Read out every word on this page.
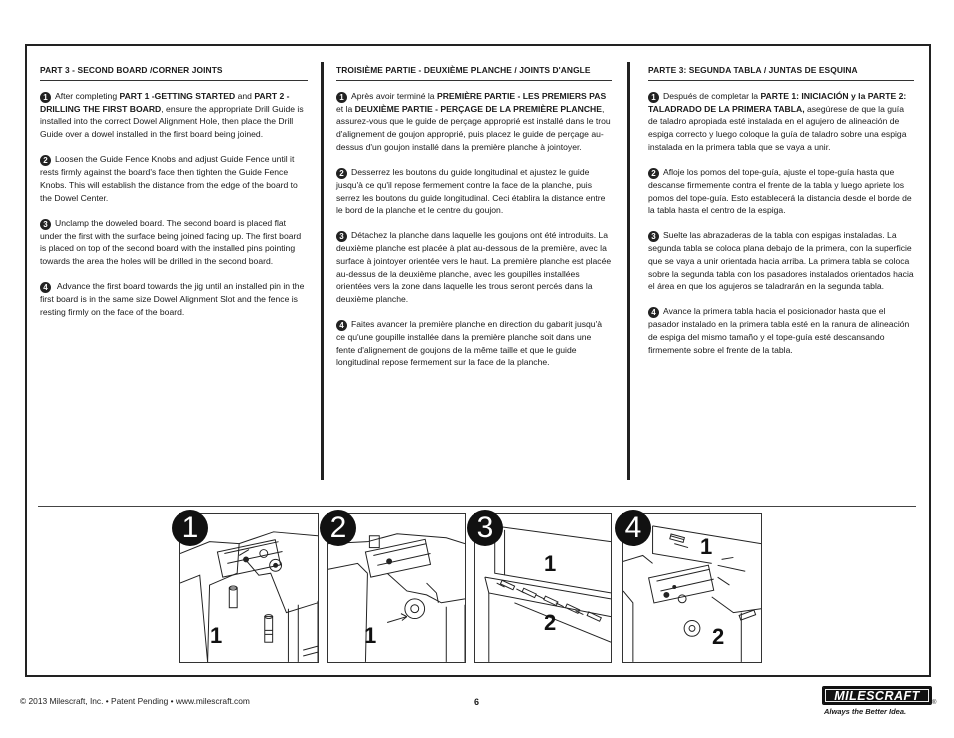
PART 3 - SECOND BOARD /CORNER JOINTS

1 After completing PART 1 -GETTING STARTED and PART 2 - DRILLING THE FIRST BOARD, ensure the appropriate Drill Guide is installed into the correct Dowel Alignment Hole, then place the Drill Guide over a dowel installed in the first board being joined.

2 Loosen the Guide Fence Knobs and adjust Guide Fence until it rests firmly against the board's face then tighten the Guide Fence Knobs. This will establish the distance from the edge of the board to the Dowel Center.

3 Unclamp the doweled board. The second board is placed flat under the first with the surface being joined facing up. The first board is placed on top of the second board with the installed pins pointing towards the area the holes will be drilled in the second board.

4 Advance the first board towards the jig until an installed pin in the first board is in the same size Dowel Alignment Slot and the fence is resting firmly on the face of the board.

TROISIÈME PARTIE - DEUXIÈME PLANCHE / JOINTS D'ANGLE

1 Après avoir terminé la PREMIÈRE PARTIE - LES PREMIERS PAS et la DEUXIÈME PARTIE - PERÇAGE DE LA PREMIÈRE PLANCHE, assurez-vous que le guide de perçage approprié est installé dans le trou d'alignement de goujon approprié, puis placez le guide de perçage au-dessus d'un goujon installé dans la première planche à jointoyer.

2 Desserrez les boutons du guide longitudinal et ajustez le guide jusqu'à ce qu'il repose fermement contre la face de la planche, puis serrez les boutons du guide longitudinal. Ceci établira la distance entre le bord de la planche et le centre du goujon.

3 Détachez la planche dans laquelle les goujons ont été introduits. La deuxième planche est placée à plat au-dessous de la première, avec la surface à jointoyer orientée vers le haut. La première planche est placée au-dessus de la deuxième planche, avec les goupilles installées orientées vers la zone dans laquelle les trous seront percés dans la deuxième planche.

4 Faites avancer la première planche en direction du gabarit jusqu'à ce qu'une goupille installée dans la première planche soit dans une fente d'alignement de goujons de la même taille et que le guide longitudinal repose fermement sur la face de la planche.

PARTE 3: SEGUNDA TABLA / JUNTAS DE ESQUINA

1 Después de completar la PARTE 1: INICIACIÓN y la PARTE 2: TALADRADO DE LA PRIMERA TABLA, asegúrese de que la guía de taladro apropiada esté instalada en el agujero de alineación de espiga correcto y luego coloque la guía de taladro sobre una espiga instalada en la primera tabla que se vaya a unir.

2 Afloje los pomos del tope-guía, ajuste el tope-guía hasta que descanse firmemente contra el frente de la tabla y luego apriete los pomos del tope-guía. Esto establecerá la distancia desde el borde de la tabla hasta el centro de la espiga.

3 Suelte las abrazaderas de la tabla con espigas instaladas. La segunda tabla se coloca plana debajo de la primera, con la superficie que se vaya a unir orientada hacia arriba. La primera tabla se coloca sobre la segunda tabla con los pasadores instalados orientados hacia el área en que los agujeros se taladrarán en la segunda tabla.

4 Avance la primera tabla hacia el posicionador hasta que el pasador instalado en la primera tabla esté en la ranura de alineación de espiga del mismo tamaño y el tope-guía esté descansando firmemente sobre el frente de la tabla.

1
1
2
1
3
1
2
4
1
2
© 2013 Milescraft, Inc. • Patent Pending • www.milescraft.com	6	MILESCRAFT
Always the Better Idea.
®
